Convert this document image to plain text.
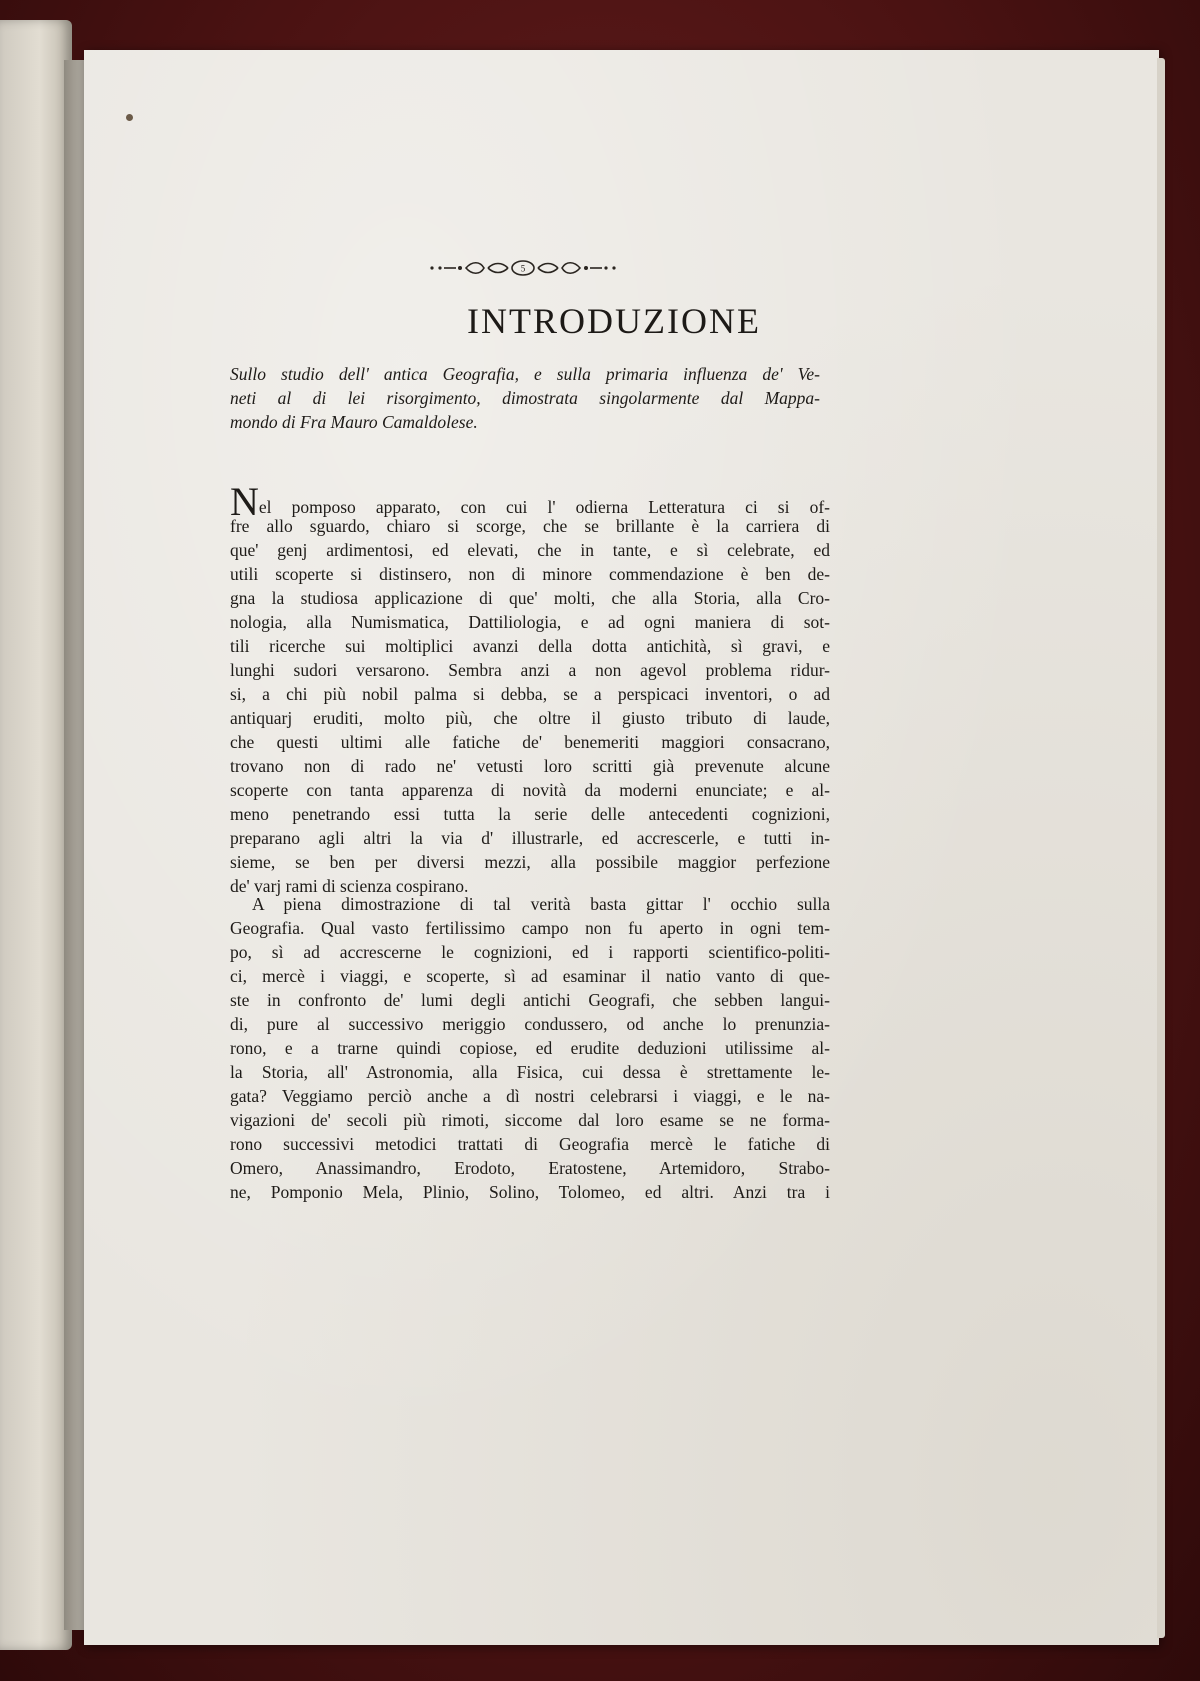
5
INTRODUZIONE
Sullo studio dell' antica Geografia, e sulla primaria influenza de' Ve-
neti al di lei risorgimento, dimostrata singolarmente dal Mappa-
mondo di Fra Mauro Camaldolese.
Nel pomposo apparato, con cui l' odierna Letteratura ci si of-
fre allo sguardo, chiaro si scorge, che se brillante è la carriera di
que' genj ardimentosi, ed elevati, che in tante, e sì celebrate, ed
utili scoperte si distinsero, non di minore commendazione è ben de-
gna la studiosa applicazione di que' molti, che alla Storia, alla Cro-
nologia, alla Numismatica, Dattiliologia, e ad ogni maniera di sot-
tili ricerche sui moltiplici avanzi della dotta antichità, sì gravi, e
lunghi sudori versarono. Sembra anzi a non agevol problema ridur-
si, a chi più nobil palma si debba, se a perspicaci inventori, o ad
antiquarj eruditi, molto più, che oltre il giusto tributo di laude,
che questi ultimi alle fatiche de' benemeriti maggiori consacrano,
trovano non di rado ne' vetusti loro scritti già prevenute alcune
scoperte con tanta apparenza di novità da moderni enunciate; e al-
meno penetrando essi tutta la serie delle antecedenti cognizioni,
preparano agli altri la via d' illustrarle, ed accrescerle, e tutti in-
sieme, se ben per diversi mezzi, alla possibile maggior perfezione
de' varj rami di scienza cospirano.
A piena dimostrazione di tal verità basta gittar l' occhio sulla
Geografia. Qual vasto fertilissimo campo non fu aperto in ogni tem-
po, sì ad accrescerne le cognizioni, ed i rapporti scientifico-politi-
ci, mercè i viaggi, e scoperte, sì ad esaminar il natio vanto di que-
ste in confronto de' lumi degli antichi Geografi, che sebben langui-
di, pure al successivo meriggio condussero, od anche lo prenunzia-
rono, e a trarne quindi copiose, ed erudite deduzioni utilissime al-
la Storia, all' Astronomia, alla Fisica, cui dessa è strettamente le-
gata? Veggiamo perciò anche a dì nostri celebrarsi i viaggi, e le na-
vigazioni de' secoli più rimoti, siccome dal loro esame se ne forma-
rono successivi metodici trattati di Geografia mercè le fatiche di
Omero, Anassimandro, Erodoto, Eratostene, Artemidoro, Strabo-
ne, Pomponio Mela, Plinio, Solino, Tolomeo, ed altri. Anzi tra i
